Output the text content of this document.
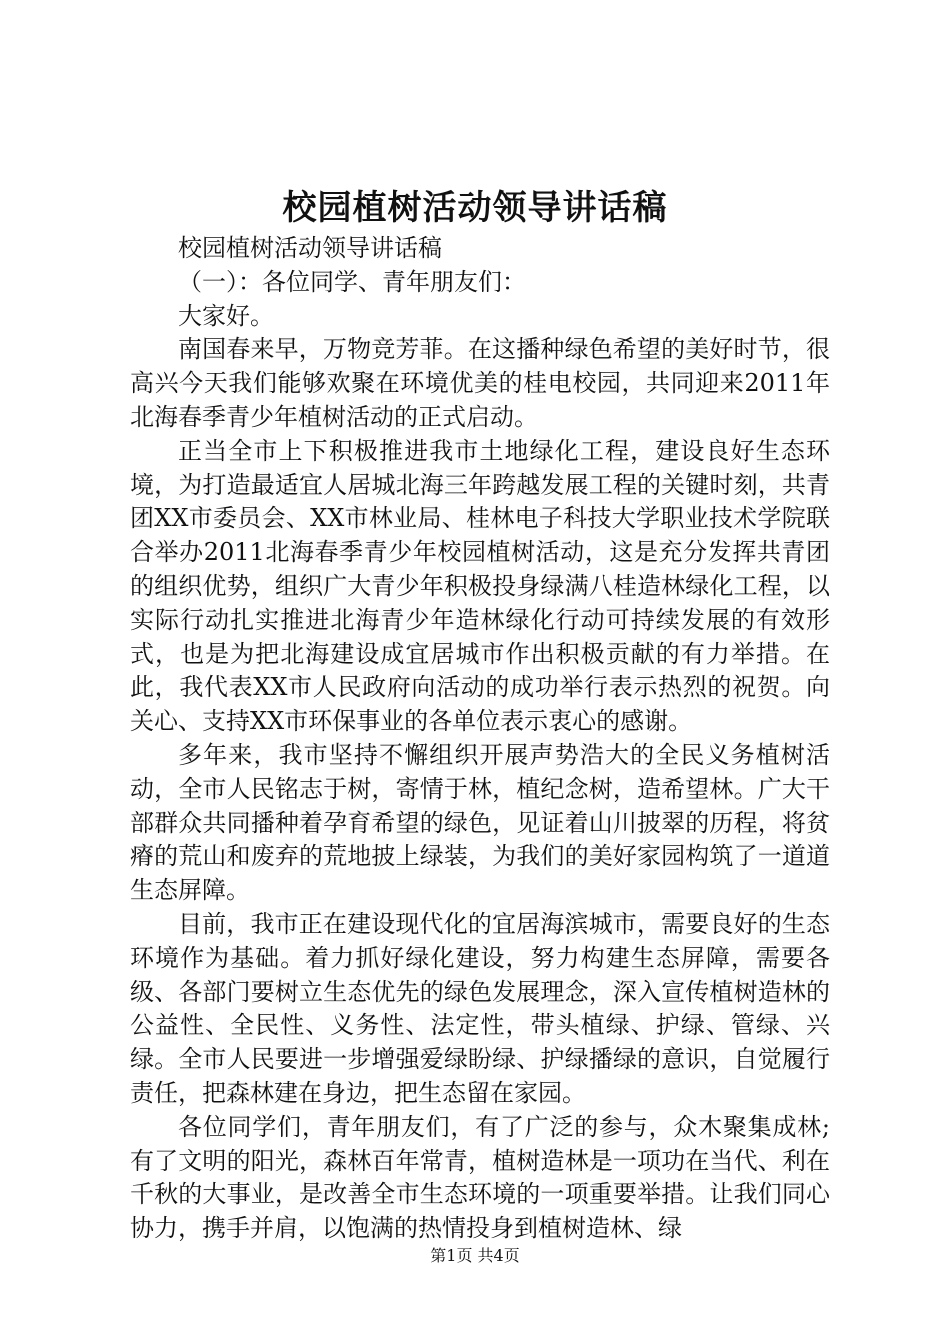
校园植树活动领导讲话稿

校园植树活动领导讲话稿

（一）：各位同学、青年朋友们：

大家好。

南国春来早，万物竞芳菲。在这播种绿色希望的美好时节，很高兴今天我们能够欢聚在环境优美的桂电校园，共同迎来2011年北海春季青少年植树活动的正式启动。

正当全市上下积极推进我市土地绿化工程，建设良好生态环境，为打造最适宜人居城北海三年跨越发展工程的关键时刻，共青团XX市委员会、XX市林业局、桂林电子科技大学职业技术学院联合举办2011北海春季青少年校园植树活动，这是充分发挥共青团的组织优势，组织广大青少年积极投身绿满八桂造林绿化工程，以实际行动扎实推进北海青少年造林绿化行动可持续发展的有效形式，也是为把北海建设成宜居城市作出积极贡献的有力举措。在此，我代表XX市人民政府向活动的成功举行表示热烈的祝贺。向关心、支持XX市环保事业的各单位表示衷心的感谢。

多年来，我市坚持不懈组织开展声势浩大的全民义务植树活动，全市人民铭志于树，寄情于林，植纪念树，造希望林。广大干部群众共同播种着孕育希望的绿色，见证着山川披翠的历程，将贫瘠的荒山和废弃的荒地披上绿装，为我们的美好家园构筑了一道道生态屏障。

目前，我市正在建设现代化的宜居海滨城市，需要良好的生态环境作为基础。着力抓好绿化建设，努力构建生态屏障，需要各级、各部门要树立生态优先的绿色发展理念，深入宣传植树造林的公益性、全民性、义务性、法定性，带头植绿、护绿、管绿、兴绿。全市人民要进一步增强爱绿盼绿、护绿播绿的意识，自觉履行责任，把森林建在身边，把生态留在家园。

各位同学们，青年朋友们，有了广泛的参与，众木聚集成林;有了文明的阳光，森林百年常青，植树造林是一项功在当代、利在千秋的大事业，是改善全市生态环境的一项重要举措。让我们同心协力，携手并肩，以饱满的热情投身到植树造林、绿

第1页 共4页
